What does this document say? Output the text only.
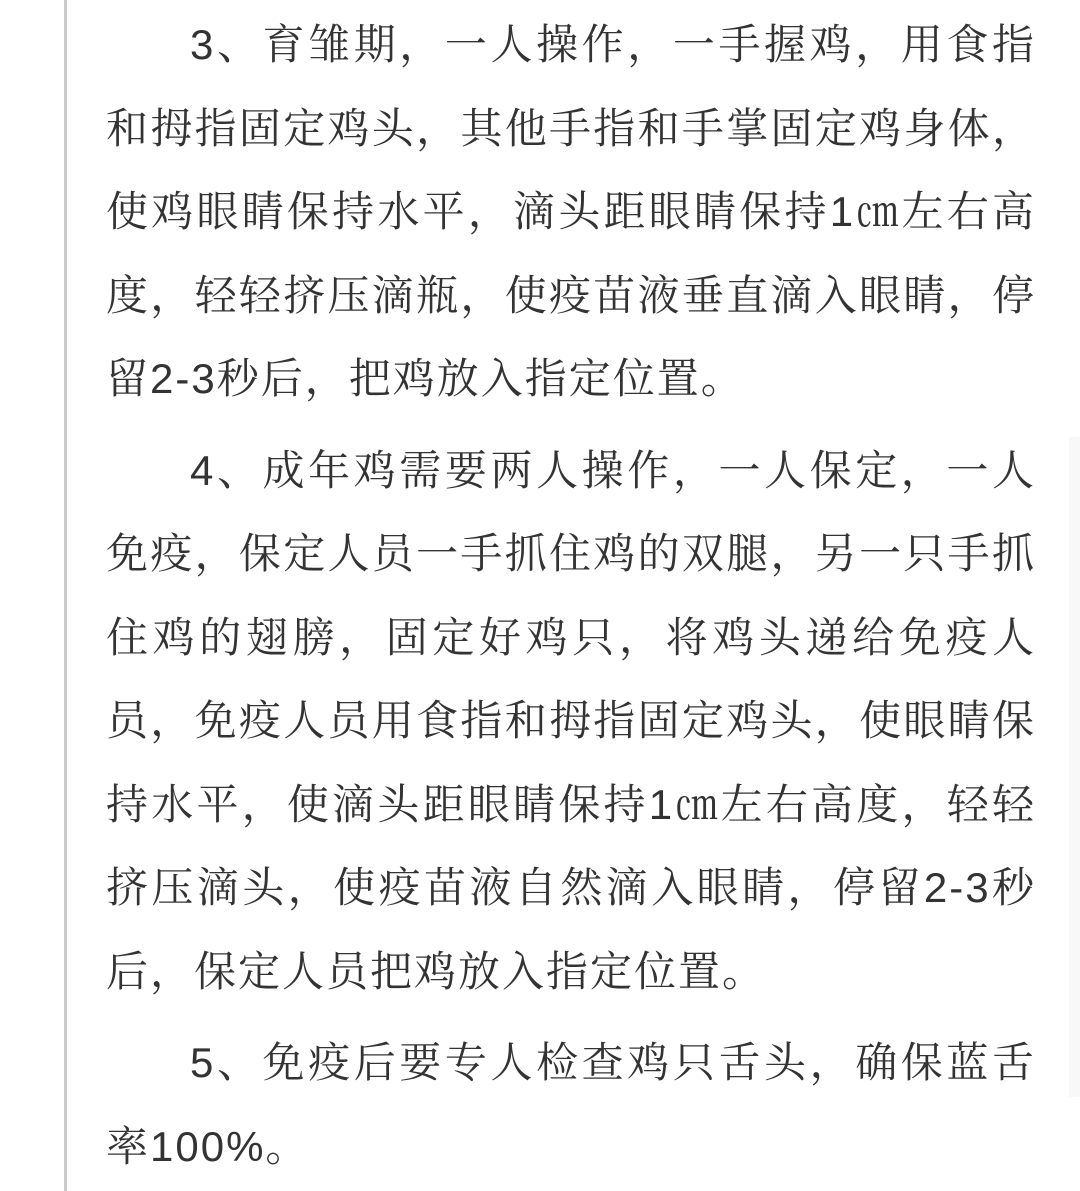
3、育雏期，一人操作，一手握鸡，用食指和拇指固定鸡头，其他手指和手掌固定鸡身体，使鸡眼睛保持水平，滴头距眼睛保持1㎝左右高度，轻轻挤压滴瓶，使疫苗液垂直滴入眼睛，停留2-3秒后，把鸡放入指定位置。

4、成年鸡需要两人操作，一人保定，一人免疫，保定人员一手抓住鸡的双腿，另一只手抓住鸡的翅膀，固定好鸡只，将鸡头递给免疫人员，免疫人员用食指和拇指固定鸡头，使眼睛保持水平，使滴头距眼睛保持1㎝左右高度，轻轻挤压滴头，使疫苗液自然滴入眼睛，停留2-3秒后，保定人员把鸡放入指定位置。

5、免疫后要专人检查鸡只舌头，确保蓝舌率100%。
